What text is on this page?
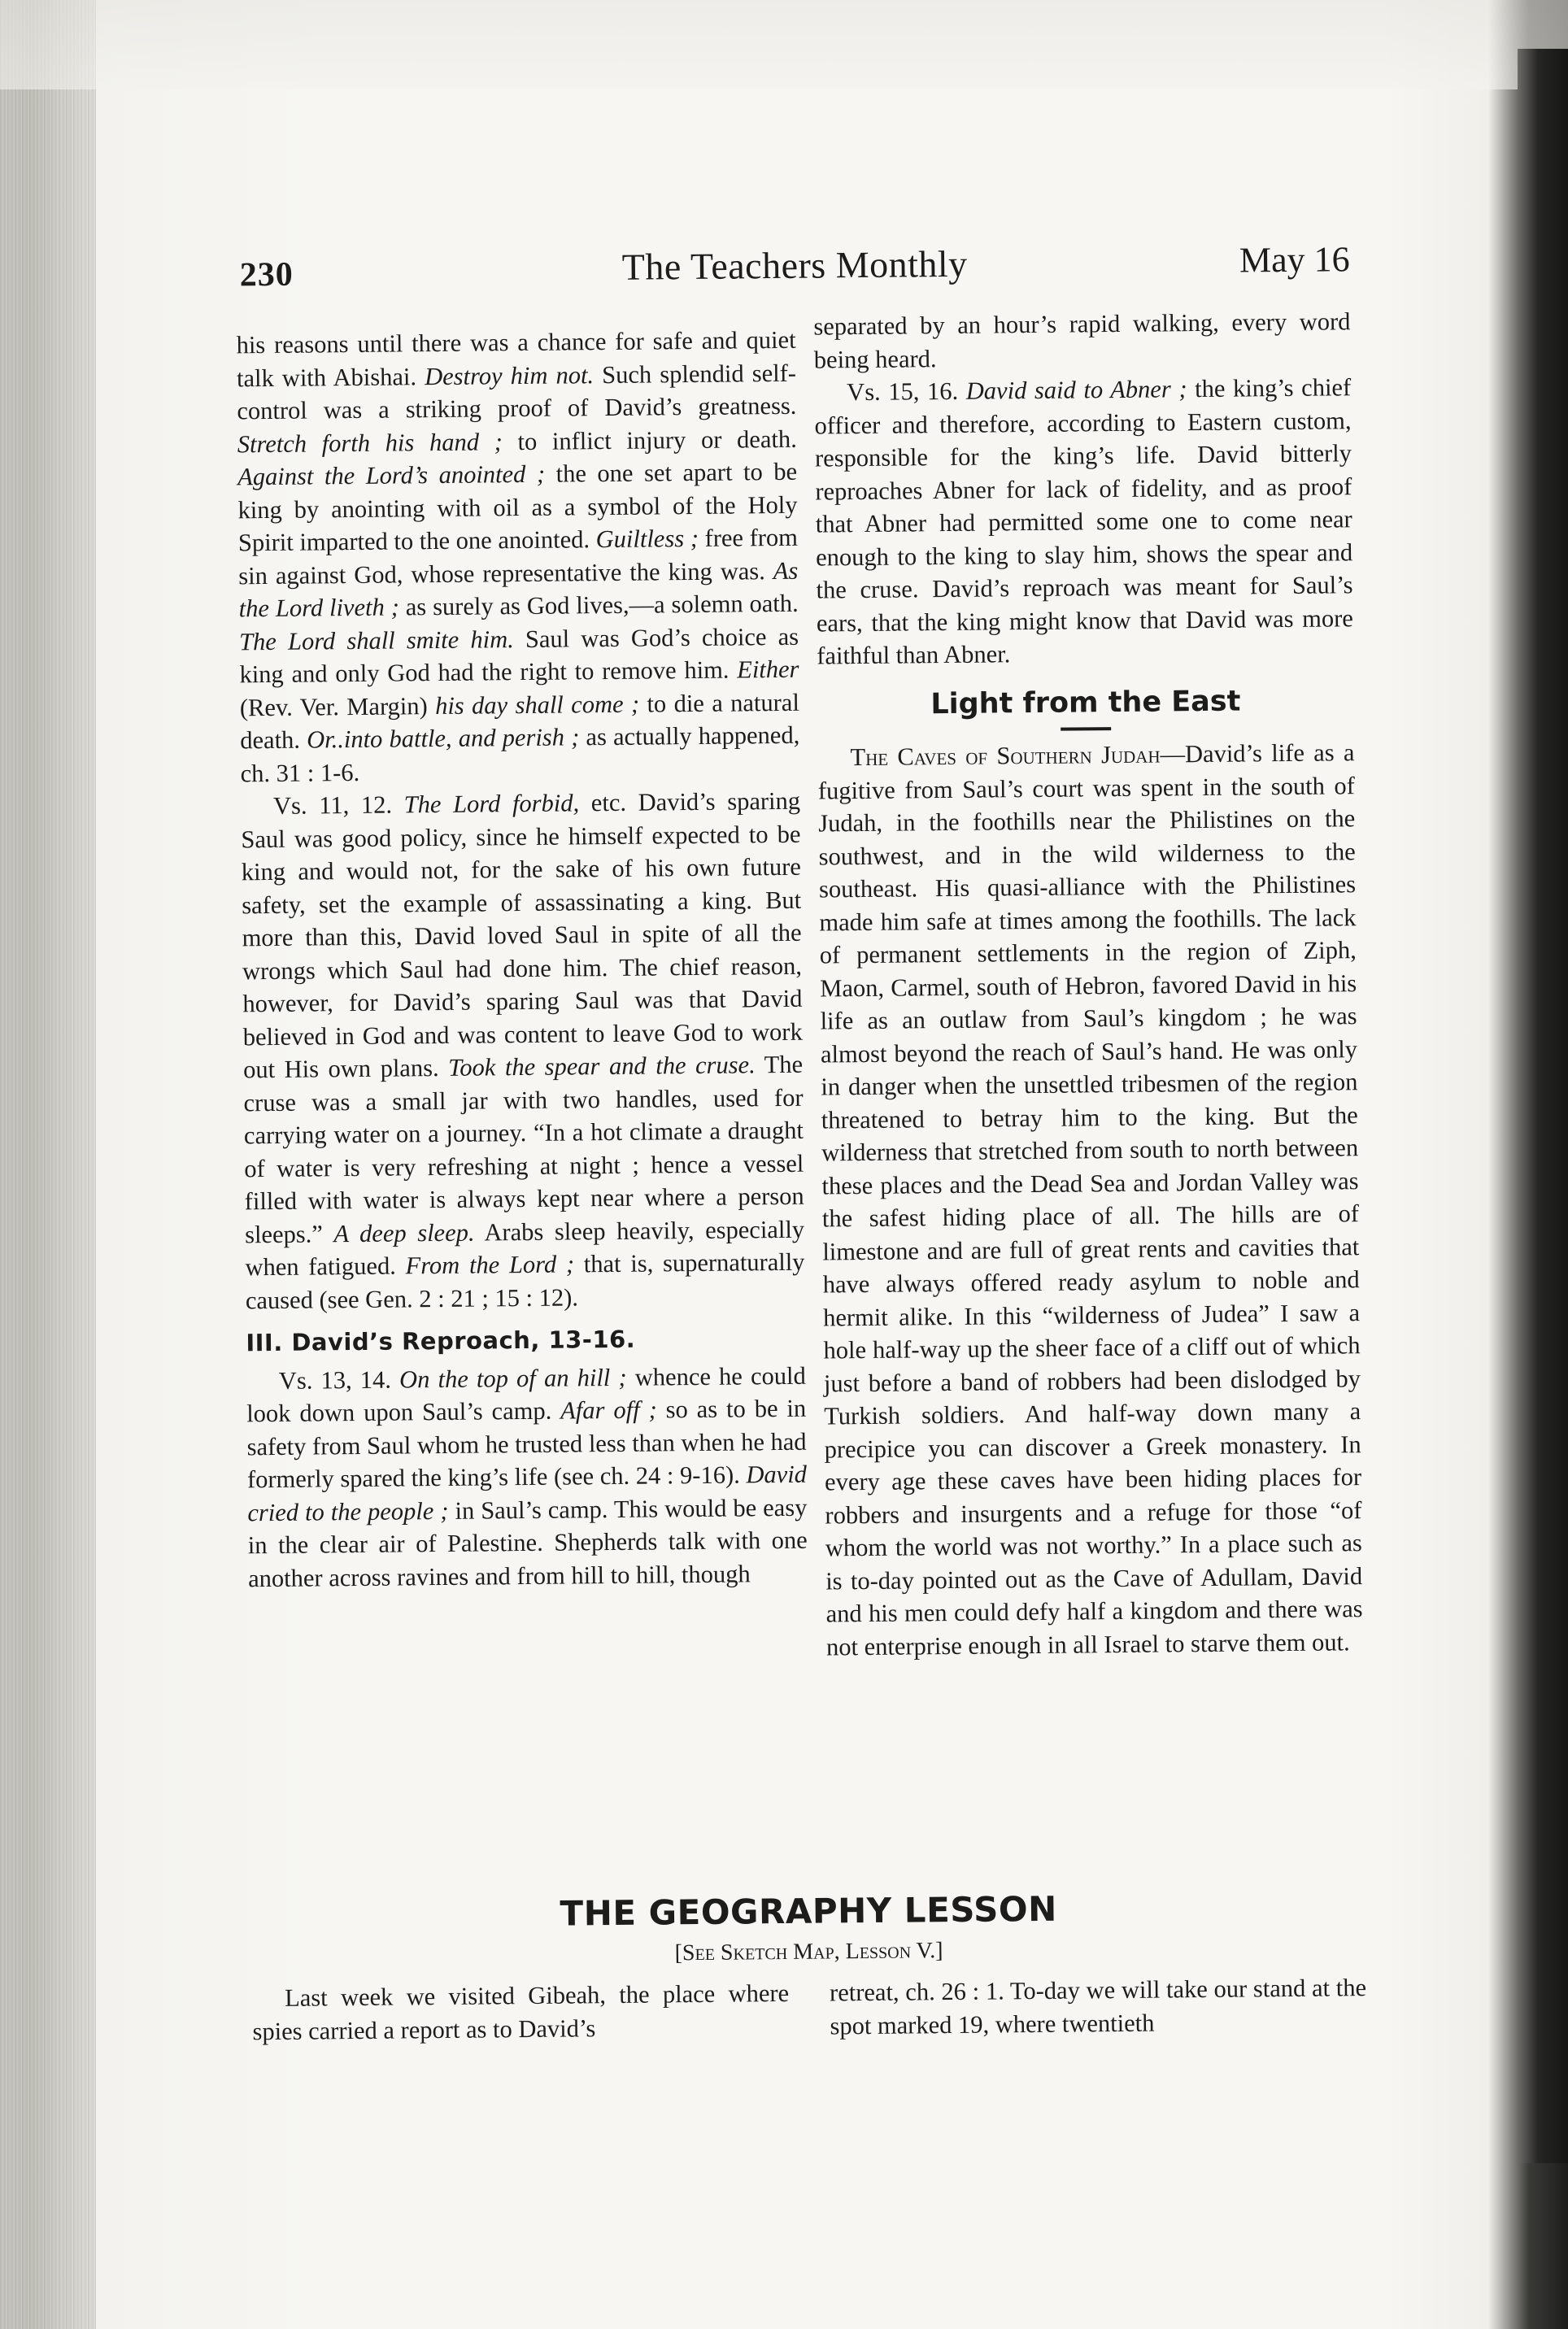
230	The Teachers Monthly	May 16

his reasons until there was a chance for safe and quiet talk with Abishai. Destroy him not. Such splendid self-control was a striking proof of David’s greatness. Stretch forth his hand ; to inflict injury or death. Against the Lord’s anointed ; the one set apart to be king by anointing with oil as a symbol of the Holy Spirit imparted to the one anointed. Guiltless ; free from sin against God, whose representative the king was. As the Lord liveth ; as surely as God lives,—a solemn oath. The Lord shall smite him. Saul was God’s choice as king and only God had the right to remove him. Either (Rev. Ver. Margin) his day shall come ; to die a natural death. Or..into battle, and perish ; as actually happened, ch. 31 : 1-6.

Vs. 11, 12. The Lord forbid, etc. David’s sparing Saul was good policy, since he himself expected to be king and would not, for the sake of his own future safety, set the example of assassinating a king. But more than this, David loved Saul in spite of all the wrongs which Saul had done him. The chief reason, however, for David’s sparing Saul was that David believed in God and was content to leave God to work out His own plans. Took the spear and the cruse. The cruse was a small jar with two handles, used for carrying water on a journey. “In a hot climate a draught of water is very refreshing at night ; hence a vessel filled with water is always kept near where a person sleeps.” A deep sleep. Arabs sleep heavily, especially when fatigued. From the Lord ; that is, supernaturally caused (see Gen. 2 : 21 ; 15 : 12).

III. David’s Reproach, 13-16.

Vs. 13, 14. On the top of an hill ; whence he could look down upon Saul’s camp. Afar off ; so as to be in safety from Saul whom he trusted less than when he had formerly spared the king’s life (see ch. 24 : 9-16). David cried to the people ; in Saul’s camp. This would be easy in the clear air of Palestine. Shepherds talk with one another across ravines and from hill to hill, though

separated by an hour’s rapid walking, every word being heard.

Vs. 15, 16. David said to Abner ; the king’s chief officer and therefore, according to Eastern custom, responsible for the king’s life. David bitterly reproaches Abner for lack of fidelity, and as proof that Abner had permitted some one to come near enough to the king to slay him, shows the spear and the cruse. David’s reproach was meant for Saul’s ears, that the king might know that David was more faithful than Abner.

Light from the East

The Caves of Southern Judah—David’s life as a fugitive from Saul’s court was spent in the south of Judah, in the foothills near the Philistines on the southwest, and in the wild wilderness to the southeast. His quasi-alliance with the Philistines made him safe at times among the foothills. The lack of permanent settlements in the region of Ziph, Maon, Carmel, south of Hebron, favored David in his life as an outlaw from Saul’s kingdom ; he was almost beyond the reach of Saul’s hand. He was only in danger when the unsettled tribesmen of the region threatened to betray him to the king. But the wilderness that stretched from south to north between these places and the Dead Sea and Jordan Valley was the safest hiding place of all. The hills are of limestone and are full of great rents and cavities that have always offered ready asylum to noble and hermit alike. In this “wilderness of Judea” I saw a hole half-way up the sheer face of a cliff out of which just before a band of robbers had been dislodged by Turkish soldiers. And half-way down many a precipice you can discover a Greek monastery. In every age these caves have been hiding places for robbers and insurgents and a refuge for those “of whom the world was not worthy.” In a place such as is to-day pointed out as the Cave of Adullam, David and his men could defy half a kingdom and there was not enterprise enough in all Israel to starve them out.

THE GEOGRAPHY LESSON
[See Sketch Map, Lesson V.]

Last week we visited Gibeah, the place where spies carried a report as to David’s

retreat, ch. 26 : 1. To-day we will take our stand at the spot marked 19, where twentieth
